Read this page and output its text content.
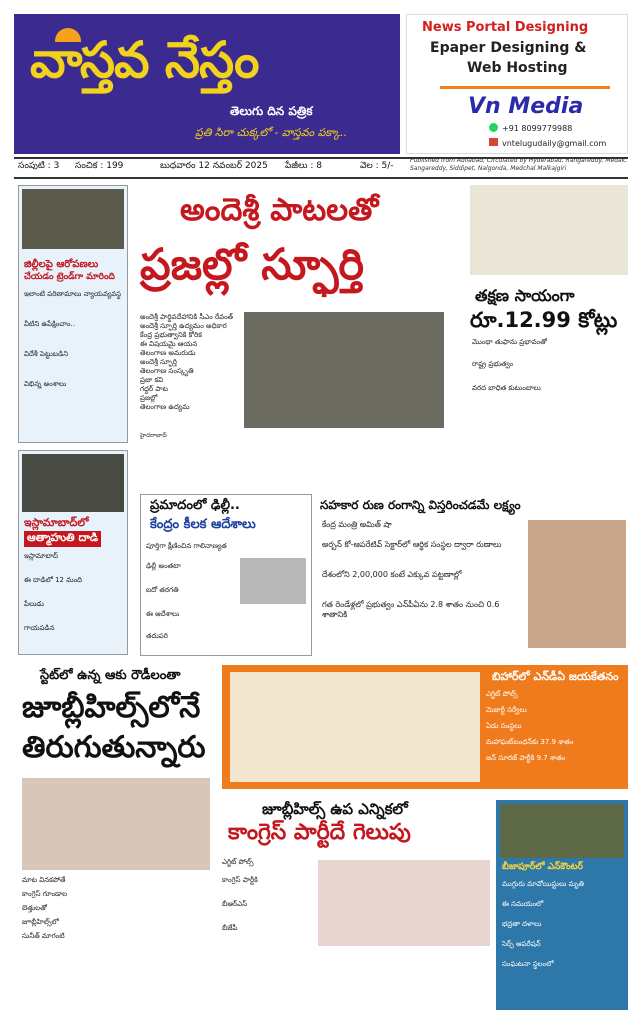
వాస్తవ నేస్తం
తెలుగు దిన పత్రిక
ప్రతి సిరా చుక్కలో - వాస్తవం పక్కా..
News Portal Designing
Epaper Designing &
Web Hosting
Vn Media
+91 8099779988
vntelugudaily@gmail.com
సంపుటి : 3 సంచిక : 199	బుధవారం 12 నవంబర్ 2025 పేజీలు : 8	వెల : 5/-
Published from Adilabad, Circulated by Hyderabad, Rangareddy, Medak, Sangareddy, Siddipet, Nalgonda, Medchal Malkajgiri
జిల్లీలపై ఆరోపణలు
చేయడం ట్రెండ్‌గా మారింది
ఇలాంటి పరిణామాలు న్యాయవ్యవస్థ
వీటిని ఉపేక్షించాం..
విదేశీ పెట్టుబడిని
విభిన్న అంశాలు
అందెశ్రీ పాటలతో
ప్రజల్లో స్ఫూర్తి
అందెశ్రీ పార్థివదేహానికి సీఎం రేవంత్
అందెశ్రీ స్ఫూర్తి ఉద్యమం అధికార కేంద్ర ప్రభుత్వానికి కోరిక
ఈ విషయమై ఆయన
తెలంగాణ అమరుడు
అందెశ్రీ స్ఫూర్తి
తెలంగాణ సంస్కృతి
ప్రజా కవి
గద్దర్ పాట
ప్రజల్లో
తెలంగాణ ఉద్యమ
హైదరాబాద్
తక్షణ సాయంగా
రూ.12.99 కోట్లు
మొంథా తుఫాను ప్రభావంతో
రాష్ట్ర ప్రభుత్వం
వరద బాధిత కుటుంబాలు
ఇస్లామాబాద్‌లో
ఆత్మాహుతి దాడి
ఇస్లామాబాద్‌
ఈ దాడిలో 12 మంది
పేలుడు
గాయపడిన
ప్రమాదంలో ఢిల్లీ..
కేంద్రం కీలక ఆదేశాలు
పూర్తిగా క్షీణించిన గాలినాణ్యత
ఢిల్లీ అంతటా
ఐదో తరగతి
ఈ ఆదేశాలు
తదుపరి
సహకార రుణ రంగాన్ని విస్తరించడమే లక్ష్యం
కేంద్ర మంత్రి అమిత్ షా
అర్బన్ కో-ఆపరేటివ్ సెక్టార్‌లో ఆర్థిక సంస్థల ద్వారా రుణాలు
దేశంలోని 2,00,000 కంటే ఎక్కువ పట్టణాల్లో
గత రెండేళ్లలో ప్రభుత్వం ఎన్‌పీఏను 2.8 శాతం నుంచి 0.6 శాతానికి
స్టేట్‌లో ఉన్న ఆకు రౌడీలంతా
జూబ్లీహిల్స్‌లోనే
తిరుగుతున్నారు
మాట వినకపోతే
కాంగ్రెస్ గూండాల
బెత్తులతో
జూబ్లీహిల్స్‌లో
సునీత్ మాగంటి
బిహార్‌లో ఎన్‌డీఏ జయకేతనం
ఎగ్జిట్ పోల్స్
మెజార్టీ సర్వేలు
ఏడు సంస్థలు
మహాఘట్‌బంధన్‌కు 37.9 శాతం
జన్ సూరజ్ పార్టీకి 9.7 శాతం
జూబ్లీహిల్స్ ఉప ఎన్నికలో
కాంగ్రెస్ పార్టీదే గెలుపు
ఎగ్జిట్ పోల్స్
కాంగ్రెస్ పార్టీకి
బీఆర్ఎస్
బీజేపీ
బీజాపూర్‌లో ఎన్‌కౌంటర్
ముగ్గురు మావోయిస్టులు మృతి
ఈ సమయంలో
భద్రతా దళాలు
సెర్చ్ ఆపరేషన్
సంఘటనా స్థలంలో
